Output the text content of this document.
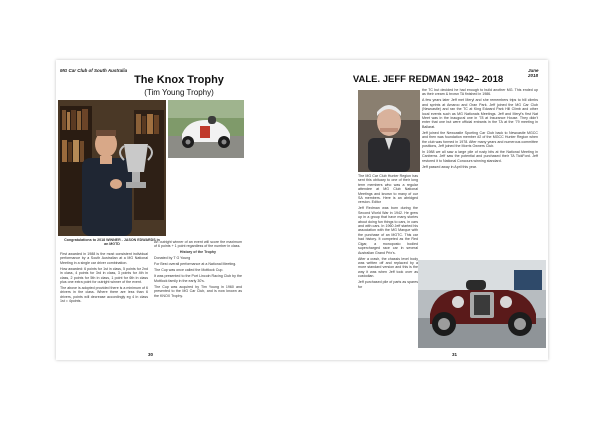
MG Car Club of South Australia
The Knox Trophy
(Tim Young Trophy)
Congratulations to 2018 WINNER - JASON EDWARDS in an MGTD

First awarded in 1988 is the most consistent individual performance by a South Australian at a MG National Meeting in a single car driver combination.

How awarded: 6 points for 1st in class, 5 points for 2nd in class, 4 points for 3rd in class, 3 points for 4th in class, 2 points for 5th in class, 1 point for 6th in class plus one extra point for outright winner of the event.

The above is adopted provided there is a minimum of 6 drivers in the class. Where there are less than 6 drivers, points will decrease accordingly eg 4 in class 1st = 4points.

An outright winner of an event will score the maximum of 6 points + 1 point regardless of the number in class.

History of the Trophy

Donated by T G Young

For Best overall performance at a National Meeting.

The Cup was once called the Mottlock Cup.

It was presented to the Port Lincoln Racing Club by the Mottlock family in the early 30's.

The Cup was acquired by Tim Young in 1960 and presented to the MG Car Club, and is now known as the KNOX Trophy.

30
June 2018
VALE. JEFF REDMAN 1942– 2018

The MG Car Club Hunter Region has sent this obituary to one of their long term members who was a regular attendee at MG Club National Meetings and known to many of our SA members. Here is an abridged version. Editor

Jeff Redman was born during the Second World War in 1942. He grew up in a group that have many stories about doing fun things to cars, in cars and with cars. In 1960 Jeff started his association with the MG Marque with the purchase of an MGTC. This car had history. It competed as the Red Cigar, a monoposto bodied supercharged race car in several Australian Grand Prix’s.

After a crash, the chassis level body was written off and replaced by a more standard version and this is the way it was when Jeff took over as custodian.

Jeff purchased pile of parts as spares for

the TC but decided he had enough to build another MG. This ended up as their cream & brown TA finished in 1986.

A few years later Jeff met Meryl and she remembers trips to hill climbs and sprints at Amaroo and Oran Park. Jeff joined the MG Car Club (Newcastle) and ran the TC at King Edward Park Hill Climb and other local events such as MG Nationals Meetings. Jeff and Meryl's first Nat Meet was in the inaugural one in '78 at Insurance House. They didn't enter that one but were official entrants in the TA at the '79 meeting in Ballarat.

Jeff joined the Newcastle Sporting Car Club back to Newcastle MGCC and then was foundation member #2 of the MGCC Hunter Region when the club was formed in 1978. After many years and numerous committee positions, Jeff joined the Morris Owners Club.

In 1988 we all saw a large pile of rusty bits at the National Meeting in Canberra. Jeff saw the potential and purchased their TA TickFord. Jeff restored it to National Concours winning standard.

Jeff passed away in April this year.

31
